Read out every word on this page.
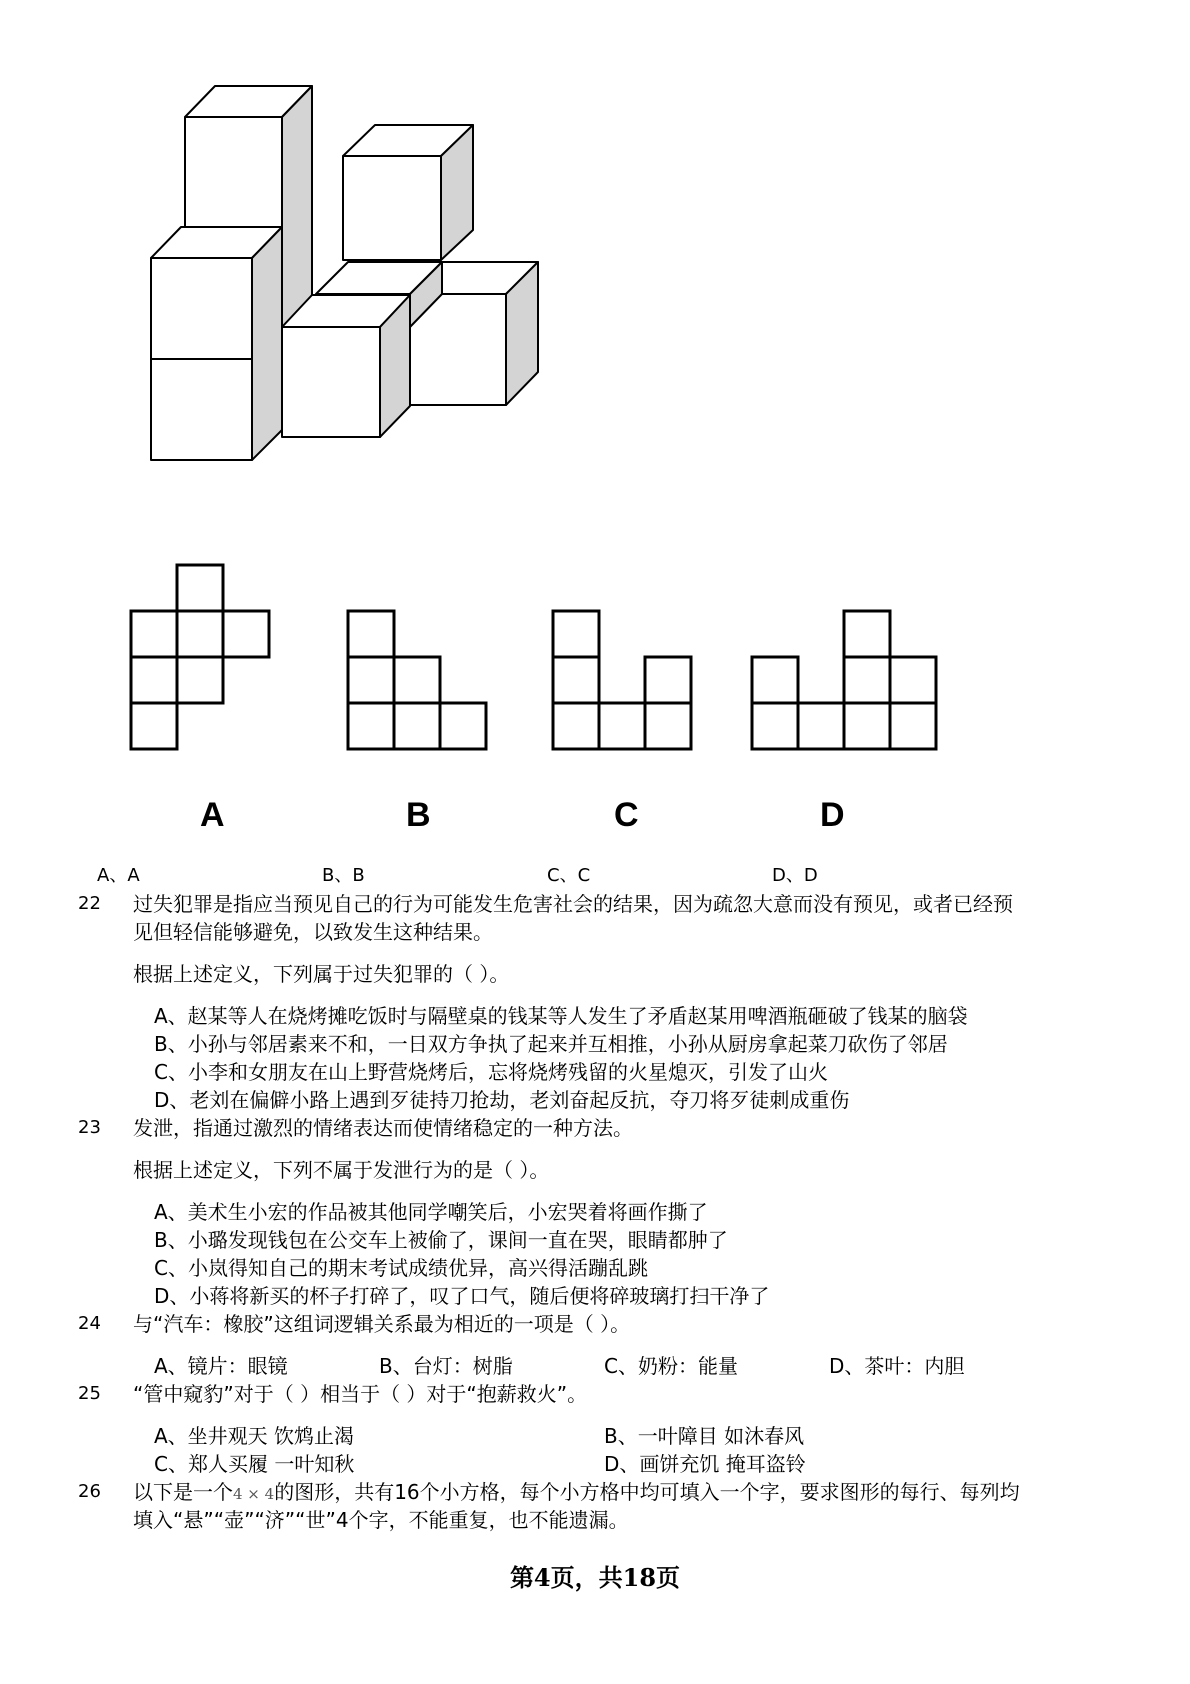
A	B	C	D
A、A	B、B	C、C	D、D
22 过失犯罪是指应当预见自己的行为可能发生危害社会的结果，因为疏忽大意而没有预见，或者已经预
见但轻信能够避免，以致发生这种结果。
根据上述定义，下列属于过失犯罪的（ ）。
A、赵某等人在烧烤摊吃饭时与隔壁桌的钱某等人发生了矛盾赵某用啤酒瓶砸破了钱某的脑袋
B、小孙与邻居素来不和，一日双方争执了起来并互相推，小孙从厨房拿起菜刀砍伤了邻居
C、小李和女朋友在山上野营烧烤后，忘将烧烤残留的火星熄灭，引发了山火
D、老刘在偏僻小路上遇到歹徒持刀抢劫，老刘奋起反抗，夺刀将歹徒刺成重伤
23 发泄，指通过激烈的情绪表达而使情绪稳定的一种方法。
根据上述定义，下列不属于发泄行为的是（ ）。
A、美术生小宏的作品被其他同学嘲笑后，小宏哭着将画作撕了
B、小璐发现钱包在公交车上被偷了，课间一直在哭，眼睛都肿了
C、小岚得知自己的期末考试成绩优异，高兴得活蹦乱跳
D、小蒋将新买的杯子打碎了，叹了口气，随后便将碎玻璃打扫干净了
24 与“汽车：橡胶”这组词逻辑关系最为相近的一项是（ ）。
A、镜片：眼镜	B、台灯：树脂	C、奶粉：能量	D、茶叶：内胆
25 “管中窥豹”对于（ ）相当于（ ）对于“抱薪救火”。
A、坐井观天 饮鸩止渴	B、一叶障目 如沐春风
C、郑人买履 一叶知秋	D、画饼充饥 掩耳盗铃
26 以下是一个4 × 4的图形，共有16个小方格，每个小方格中均可填入一个字，要求图形的每行、每列均
填入“悬”“壶”“济”“世”4个字，不能重复，也不能遗漏。
第4页，共18页
